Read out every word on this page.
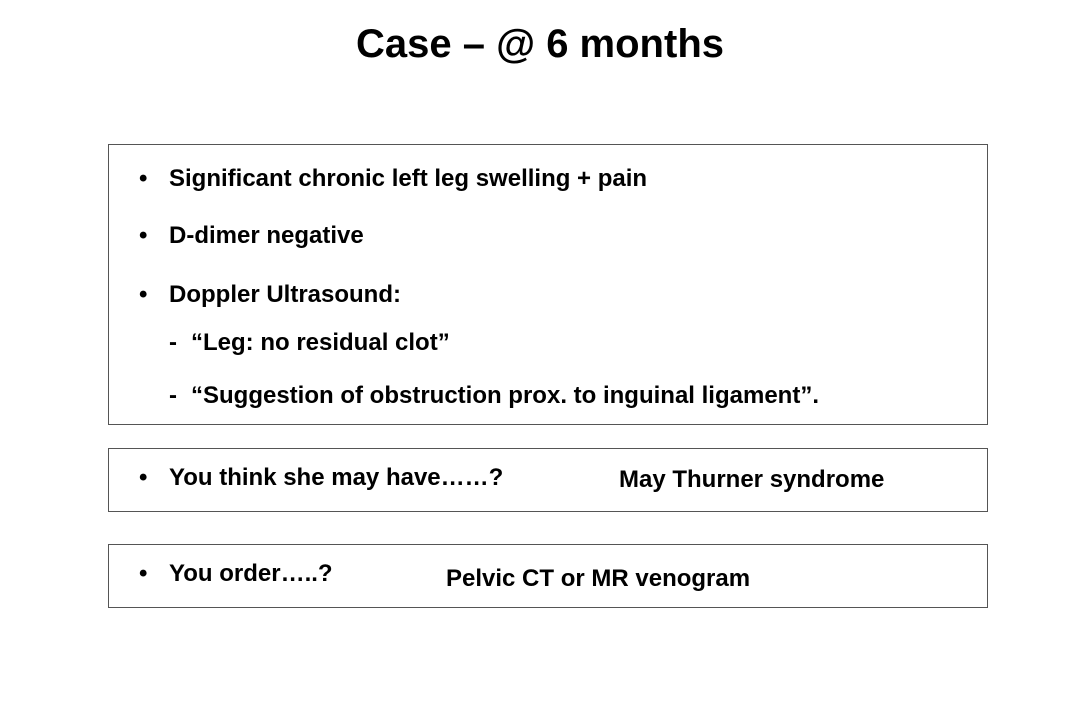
Case – @ 6 months
• Significant chronic left leg swelling + pain
• D-dimer negative
• Doppler Ultrasound:
- “Leg: no residual clot”
- “Suggestion of obstruction prox. to inguinal ligament”.
• You think she may have……?	May Thurner syndrome
• You order…..?	Pelvic CT or MR venogram
